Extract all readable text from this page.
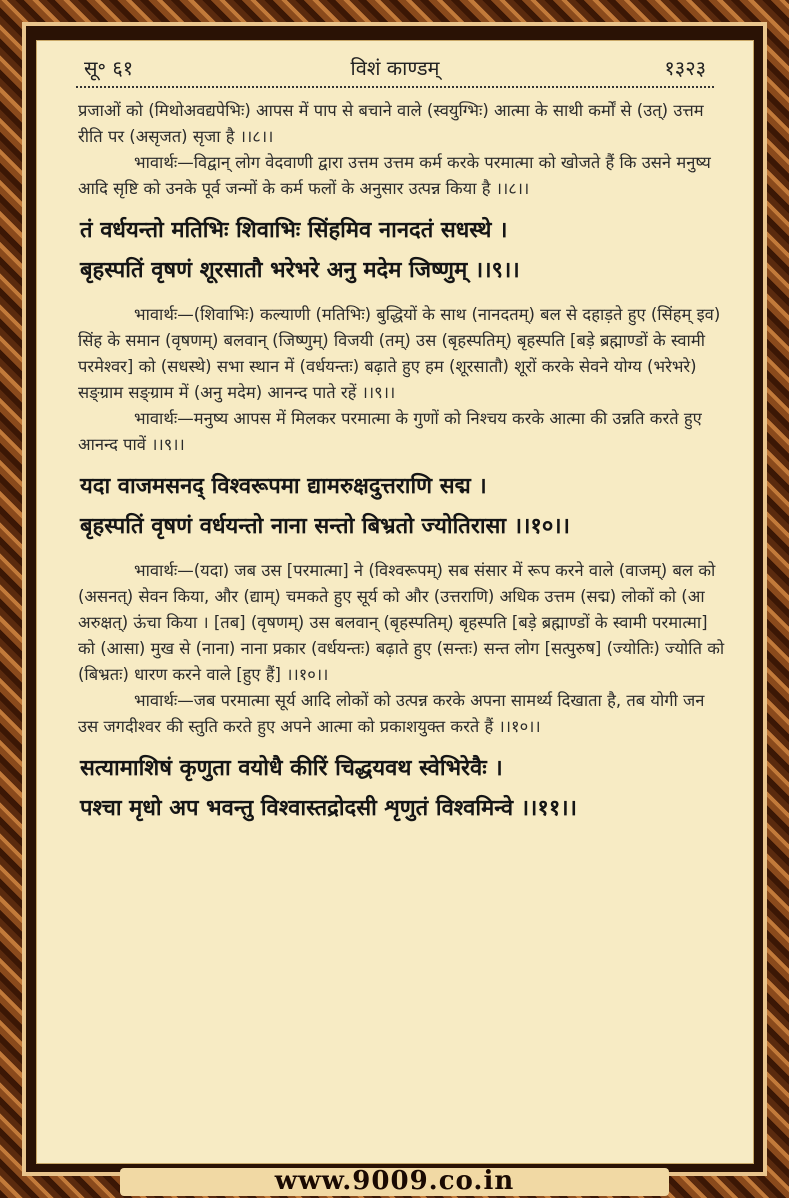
सू॰ ६१	विशं काण्डम्	१३२३

प्रजाओं को (मिथोअवद्यपेभिः) आपस में पाप से बचाने वाले (स्वयुग्भिः) आत्मा के साथी कर्मों से (उत्) उत्तम रीति पर (असृजत) सृजा है ।।८।।

भावार्थः—विद्वान् लोग वेदवाणी द्वारा उत्तम उत्तम कर्म करके परमात्मा को खोजते हैं कि उसने मनुष्य आदि सृष्टि को उनके पूर्व जन्मों के कर्म फलों के अनुसार उत्पन्न किया है ।।८।।

तं वर्धयन्तो मतिभिः शिवाभिः सिंहमिव नानदतं सधस्थे ।

बृहस्पतिं वृषणं शूरसातौ भरेभरे अनु मदेम जिष्णुम् ।।९।।

भावार्थः—(शिवाभिः) कल्याणी (मतिभिः) बुद्धियों के साथ (नानदतम्) बल से दहाड़ते हुए (सिंहम् इव) सिंह के समान (वृषणम्) बलवान् (जिष्णुम्) विजयी (तम्) उस (बृहस्पतिम्) बृहस्पति [बड़े ब्रह्माण्डों के स्वामी परमेश्वर] को (सधस्थे) सभा स्थान में (वर्धयन्तः) बढ़ाते हुए हम (शूरसातौ) शूरों करके सेवने योग्य (भरेभरे) सङ्ग्राम सङ्ग्राम में (अनु मदेम) आनन्द पाते रहें ।।९।।

भावार्थः—मनुष्य आपस में मिलकर परमात्मा के गुणों को निश्चय करके आत्मा की उन्नति करते हुए आनन्द पावें ।।९।।

यदा वाजमसनद् विश्वरूपमा द्यामरुक्षदुत्तराणि सद्म ।

बृहस्पतिं वृषणं वर्धयन्तो नाना सन्तो बिभ्रतो ज्योतिरासा ।।१०।।

भावार्थः—(यदा) जब उस [परमात्मा] ने (विश्वरूपम्) सब संसार में रूप करने वाले (वाजम्) बल को (असनत्) सेवन किया, और (द्याम्) चमकते हुए सूर्य को और (उत्तराणि) अधिक उत्तम (सद्म) लोकों को (आ अरुक्षत्) ऊंचा किया । [तब] (वृषणम्) उस बलवान् (बृहस्पतिम्) बृहस्पति [बड़े ब्रह्माण्डों के स्वामी परमात्मा] को (आसा) मुख से (नाना) नाना प्रकार (वर्धयन्तः) बढ़ाते हुए (सन्तः) सन्त लोग [सत्पुरुष] (ज्योतिः) ज्योति को (बिभ्रतः) धारण करने वाले [हुए हैं] ।।१०।।

भावार्थः—जब परमात्मा सूर्य आदि लोकों को उत्पन्न करके अपना सामर्थ्य दिखाता है, तब योगी जन उस जगदीश्वर की स्तुति करते हुए अपने आत्मा को प्रकाशयुक्त करते हैं ।।१०।।

सत्यामाशिषं कृणुता वयोधै कीरिं चिद्धयवथ स्वेभिरेवैः ।

पश्चा मृधो अप भवन्तु विश्वास्तद्रोदसी शृणुतं विश्वमिन्वे ।।११।।

www.9009.co.in
